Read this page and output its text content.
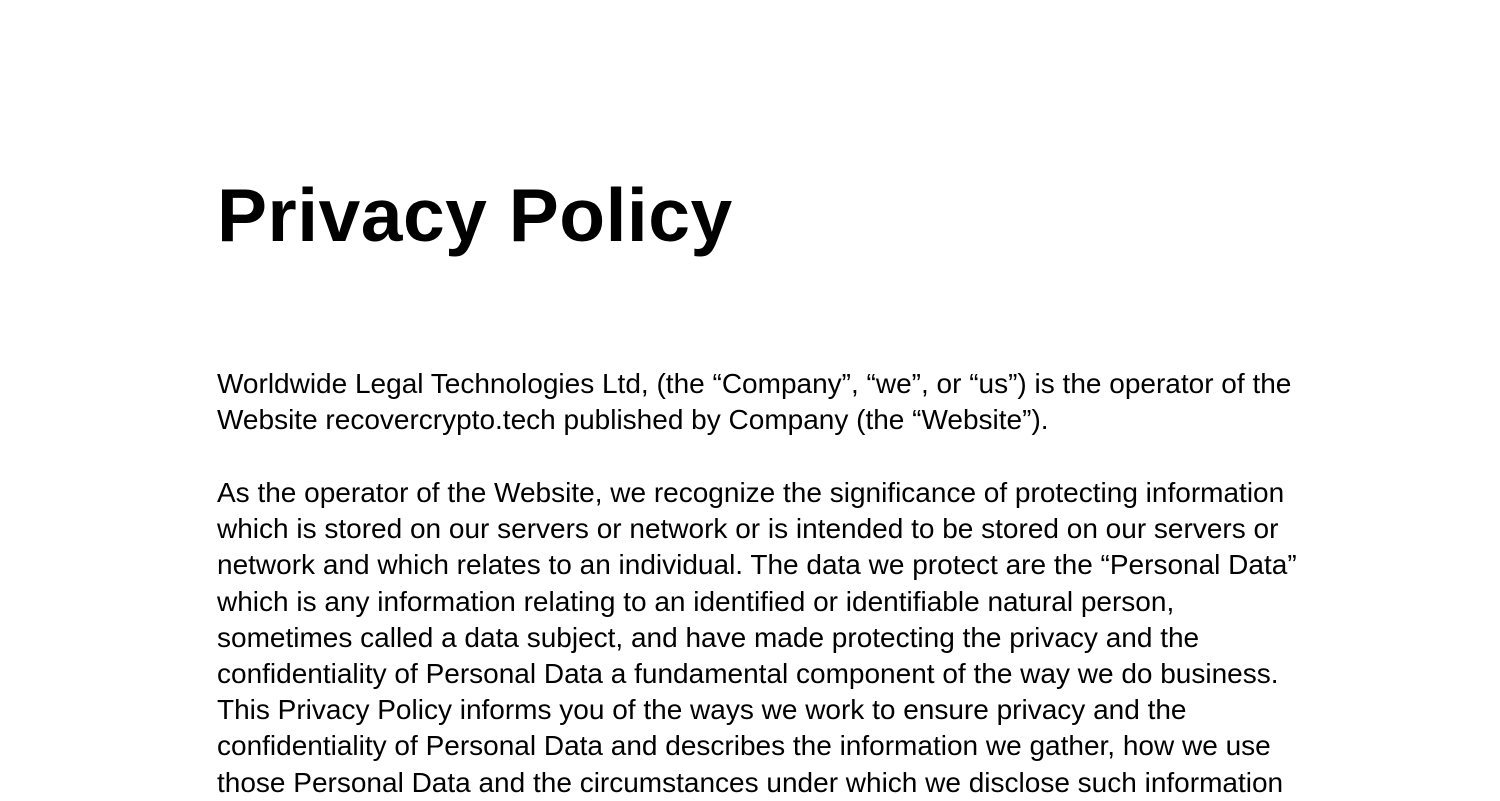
Privacy Policy

Worldwide Legal Technologies Ltd, (the “Company”, “we”, or “us”) is the operator of the
Website recovercrypto.tech published by Company (the “Website”).

As the operator of the Website, we recognize the significance of protecting information
which is stored on our servers or network or is intended to be stored on our servers or
network and which relates to an individual. The data we protect are the “Personal Data”
which is any information relating to an identified or identifiable natural person,
sometimes called a data subject, and have made protecting the privacy and the
confidentiality of Personal Data a fundamental component of the way we do business.
This Privacy Policy informs you of the ways we work to ensure privacy and the
confidentiality of Personal Data and describes the information we gather, how we use
those Personal Data and the circumstances under which we disclose such information
